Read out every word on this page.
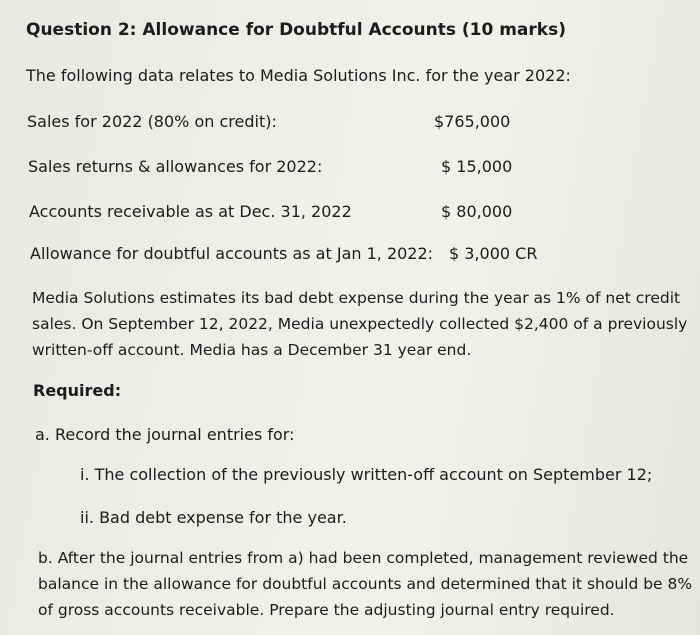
Question 2: Allowance for Doubtful Accounts (10 marks)
The following data relates to Media Solutions Inc. for the year 2022:
Sales for 2022 (80% on credit):	$765,000
Sales returns & allowances for 2022:	$ 15,000
Accounts receivable as at Dec. 31, 2022	$ 80,000
Allowance for doubtful accounts as at Jan 1, 2022: $ 3,000 CR
Media Solutions estimates its bad debt expense during the year as 1% of net credit
sales. On September 12, 2022, Media unexpectedly collected $2,400 of a previously
written-off account. Media has a December 31 year end.
Required:
a. Record the journal entries for:
i. The collection of the previously written-off account on September 12;
ii. Bad debt expense for the year.
b. After the journal entries from a) had been completed, management reviewed the
balance in the allowance for doubtful accounts and determined that it should be 8%
of gross accounts receivable. Prepare the adjusting journal entry required.
